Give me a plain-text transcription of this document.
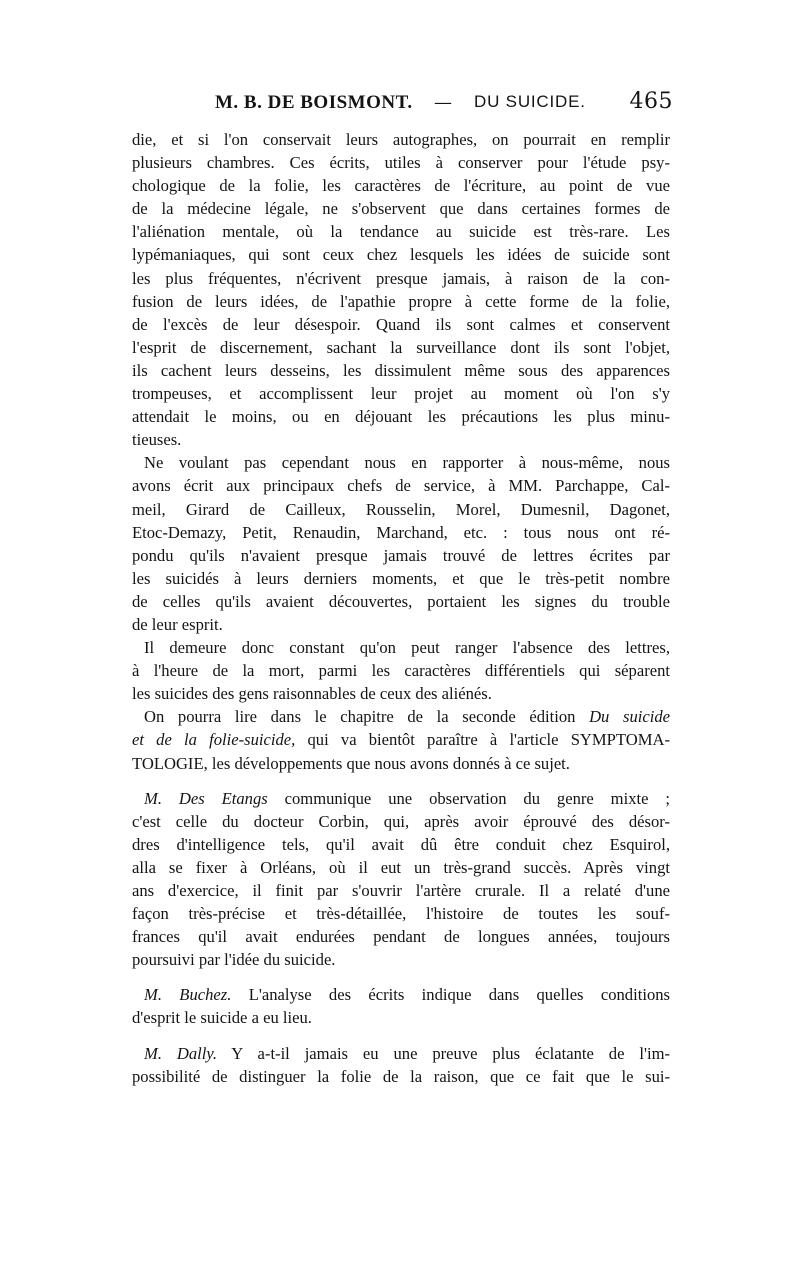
M. B. DE BOISMONT. — DU SUICIDE. 465
die, et si l'on conservait leurs autographes, on pourrait en remplir
plusieurs chambres. Ces écrits, utiles à conserver pour l'étude psy-
chologique de la folie, les caractères de l'écriture, au point de vue
de la médecine légale, ne s'observent que dans certaines formes de
l'aliénation mentale, où la tendance au suicide est très-rare. Les
lypémaniaques, qui sont ceux chez lesquels les idées de suicide sont
les plus fréquentes, n'écrivent presque jamais, à raison de la con-
fusion de leurs idées, de l'apathie propre à cette forme de la folie,
de l'excès de leur désespoir. Quand ils sont calmes et conservent
l'esprit de discernement, sachant la surveillance dont ils sont l'objet,
ils cachent leurs desseins, les dissimulent même sous des apparences
trompeuses, et accomplissent leur projet au moment où l'on s'y
attendait le moins, ou en déjouant les précautions les plus minu-
tieuses.
Ne voulant pas cependant nous en rapporter à nous-même, nous
avons écrit aux principaux chefs de service, à MM. Parchappe, Cal-
meil, Girard de Cailleux, Rousselin, Morel, Dumesnil, Dagonet,
Etoc-Demazy, Petit, Renaudin, Marchand, etc. : tous nous ont ré-
pondu qu'ils n'avaient presque jamais trouvé de lettres écrites par
les suicidés à leurs derniers moments, et que le très-petit nombre
de celles qu'ils avaient découvertes, portaient les signes du trouble
de leur esprit.
Il demeure donc constant qu'on peut ranger l'absence des lettres,
à l'heure de la mort, parmi les caractères différentiels qui séparent
les suicides des gens raisonnables de ceux des aliénés.
On pourra lire dans le chapitre de la seconde édition Du suicide
et de la folie-suicide, qui va bientôt paraître à l'article SYMPTOMA-
TOLOGIE, les développements que nous avons donnés à ce sujet.
M. Des Etangs communique une observation du genre mixte ;
c'est celle du docteur Corbin, qui, après avoir éprouvé des désor-
dres d'intelligence tels, qu'il avait dû être conduit chez Esquirol,
alla se fixer à Orléans, où il eut un très-grand succès. Après vingt
ans d'exercice, il finit par s'ouvrir l'artère crurale. Il a relaté d'une
façon très-précise et très-détaillée, l'histoire de toutes les souf-
frances qu'il avait endurées pendant de longues années, toujours
poursuivi par l'idée du suicide.
M. Buchez. L'analyse des écrits indique dans quelles conditions
d'esprit le suicide a eu lieu.
M. Dally. Y a-t-il jamais eu une preuve plus éclatante de l'im-
possibilité de distinguer la folie de la raison, que ce fait que le sui-
